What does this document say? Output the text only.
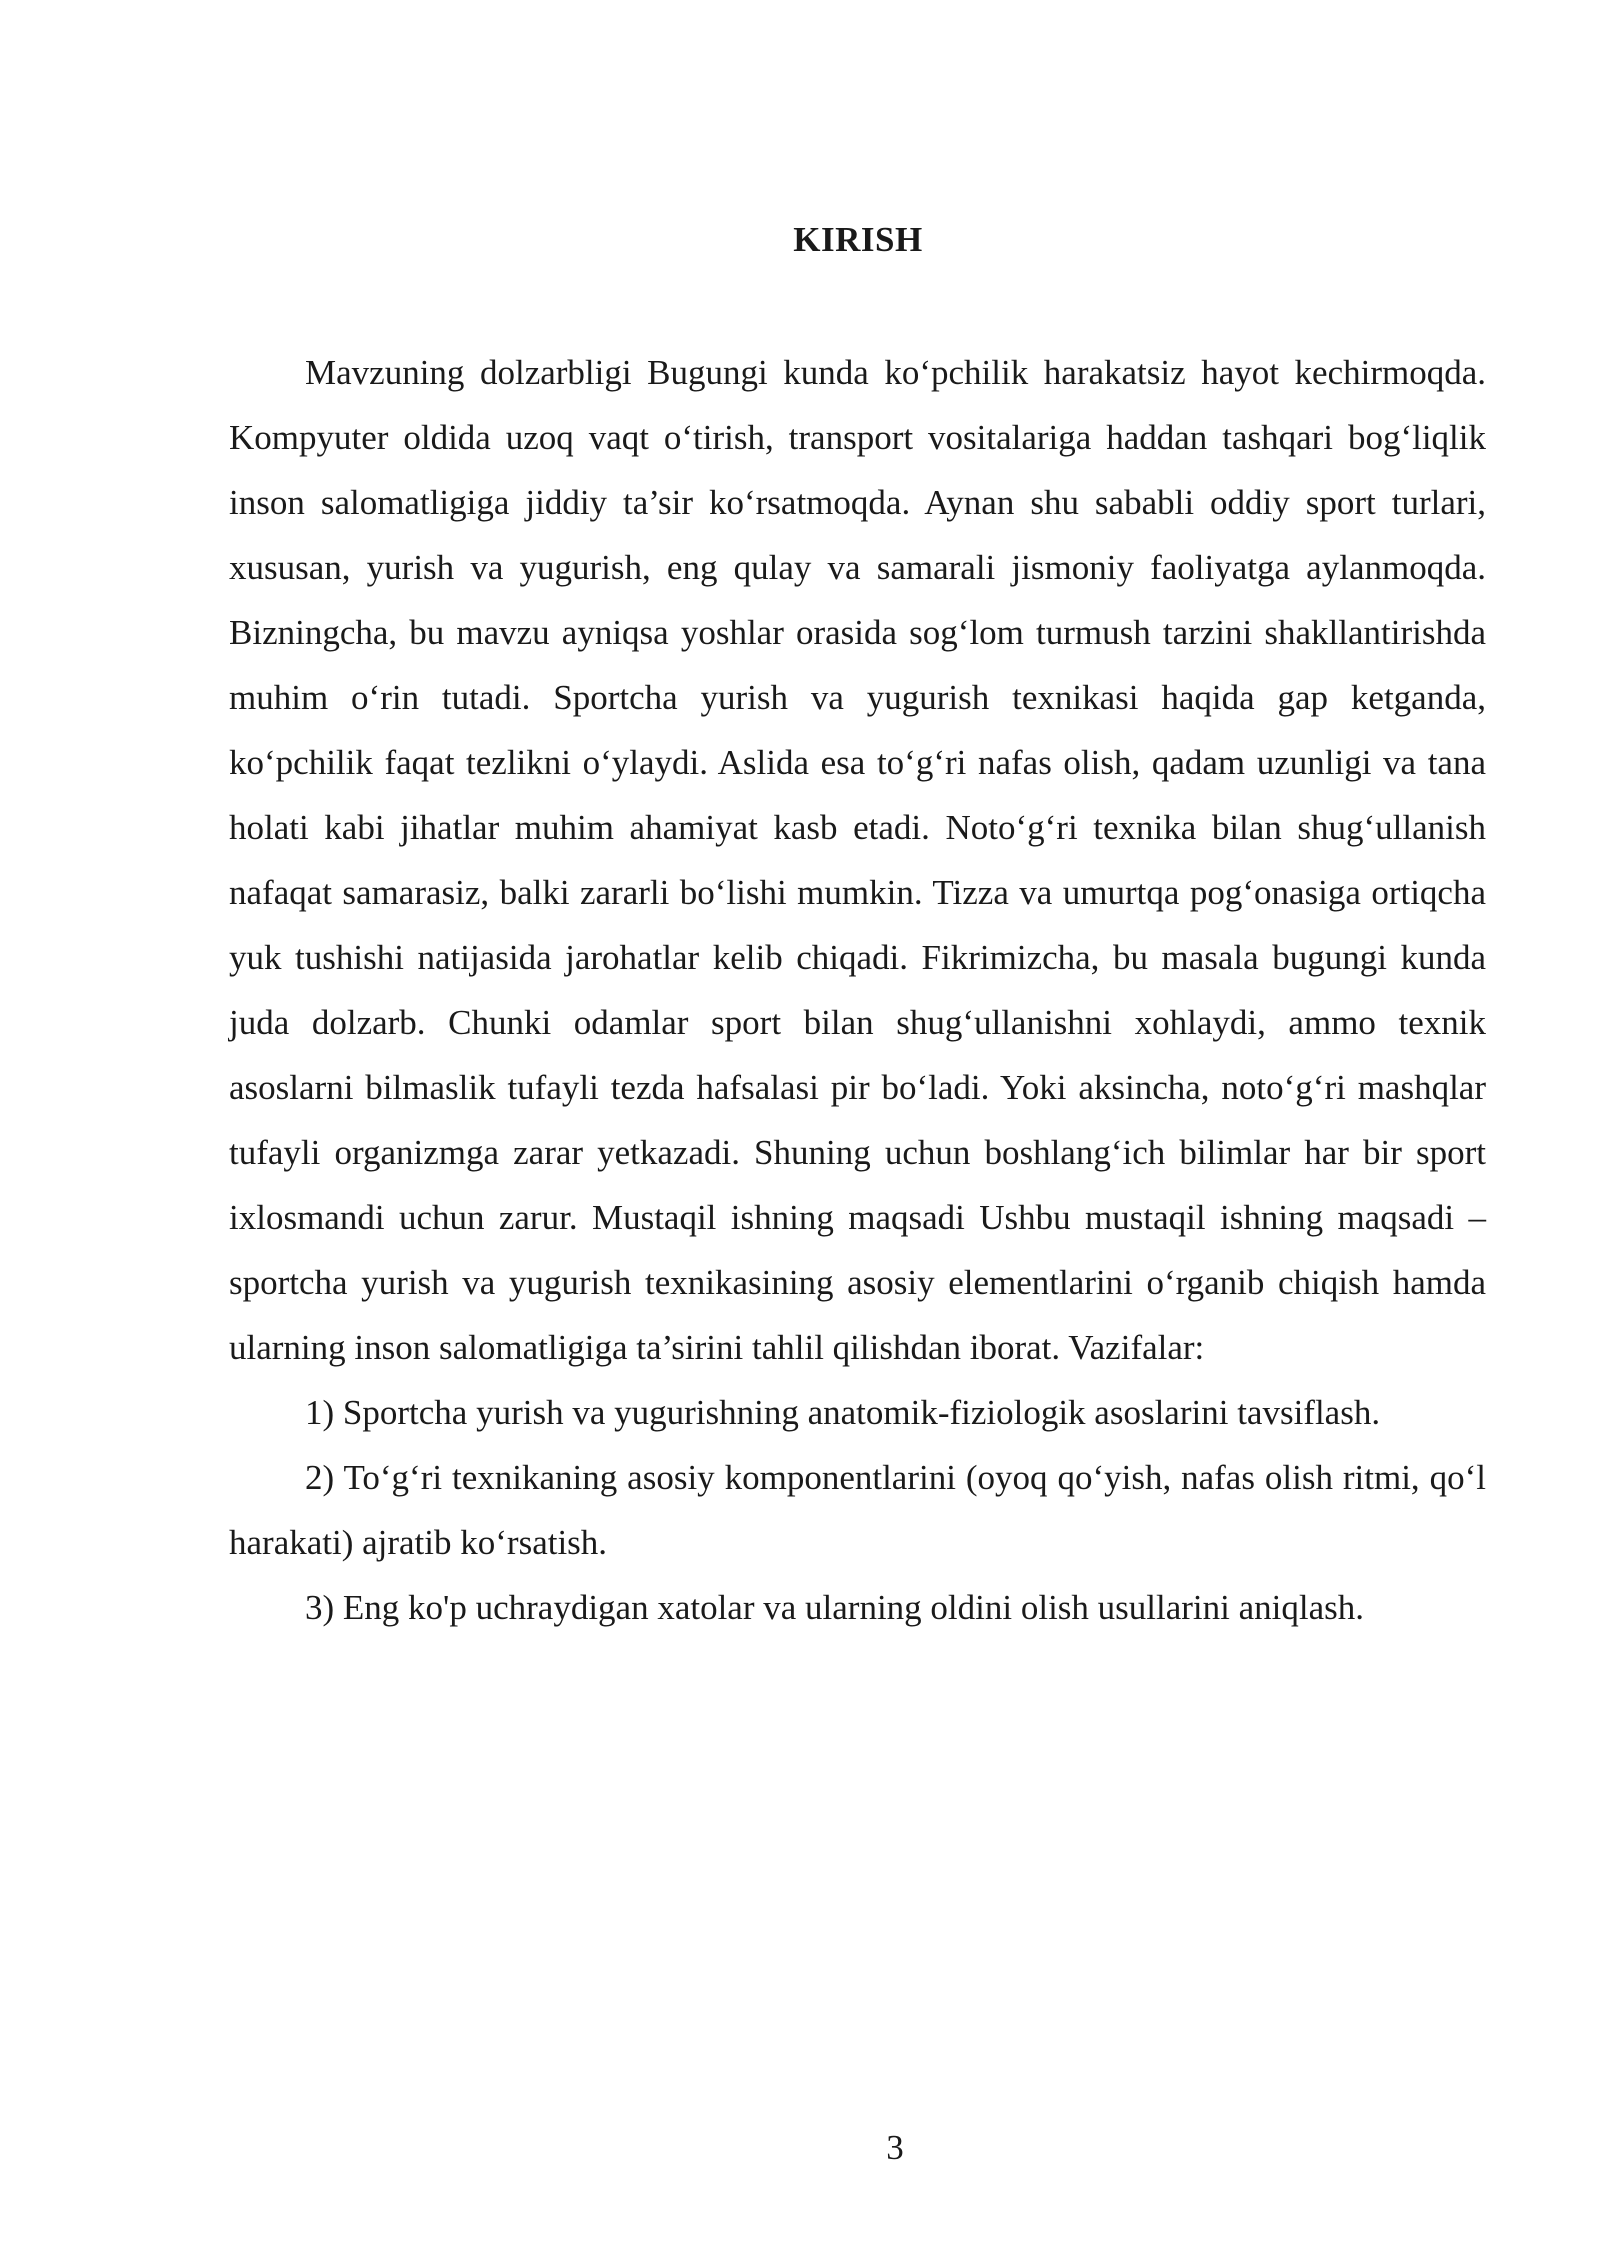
KIRISH

Mavzuning dolzarbligi Bugungi kunda ko‘pchilik harakatsiz hayot kechirmoqda. Kompyuter oldida uzoq vaqt o‘tirish, transport vositalariga haddan tashqari bog‘liqlik inson salomatligiga jiddiy ta’sir ko‘rsatmoqda. Aynan shu sababli oddiy sport turlari, xususan, yurish va yugurish, eng qulay va samarali jismoniy faoliyatga aylanmoqda. Bizningcha, bu mavzu ayniqsa yoshlar orasida sog‘lom turmush tarzini shakllantirishda muhim o‘rin tutadi. Sportcha yurish va yugurish texnikasi haqida gap ketganda, ko‘pchilik faqat tezlikni o‘ylaydi. Aslida esa to‘g‘ri nafas olish, qadam uzunligi va tana holati kabi jihatlar muhim ahamiyat kasb etadi. Noto‘g‘ri texnika bilan shug‘ullanish nafaqat samarasiz, balki zararli bo‘lishi mumkin. Tizza va umurtqa pog‘onasiga ortiqcha yuk tushishi natijasida jarohatlar kelib chiqadi. Fikrimizcha, bu masala bugungi kunda juda dolzarb. Chunki odamlar sport bilan shug‘ullanishni xohlaydi, ammo texnik asoslarni bilmaslik tufayli tezda hafsalasi pir bo‘ladi. Yoki aksincha, noto‘g‘ri mashqlar tufayli organizmga zarar yetkazadi. Shuning uchun boshlang‘ich bilimlar har bir sport ixlosmandi uchun zarur. Mustaqil ishning maqsadi Ushbu mustaqil ishning maqsadi – sportcha yurish va yugurish texnikasining asosiy elementlarini o‘rganib chiqish hamda ularning inson salomatligiga ta’sirini tahlil qilishdan iborat. Vazifalar:

1) Sportcha yurish va yugurishning anatomik-fiziologik asoslarini tavsiflash.

2) To‘g‘ri texnikaning asosiy komponentlarini (oyoq qo‘yish, nafas olish ritmi, qo‘l harakati) ajratib ko‘rsatish.

3) Eng ko'p uchraydigan xatolar va ularning oldini olish usullarini aniqlash.

3
